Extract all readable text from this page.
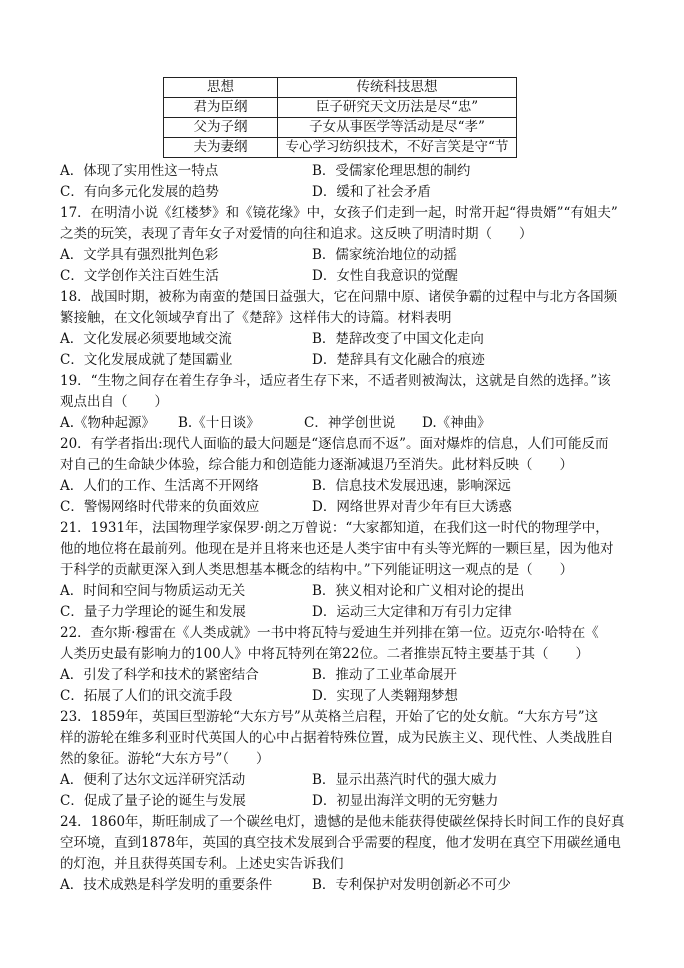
思想	传统科技思想
君为臣纲	臣子研究天文历法是尽“忠”
父为子纲	子女从事医学等活动是尽“孝”
夫为妻纲	专心学习纺织技术，不好言笑是守“节
A．体现了实用性这一特点	B．受儒家伦理思想的制约
C．有向多元化发展的趋势	D．缓和了社会矛盾
17．在明清小说《红楼梦》和《镜花缘》中，女孩子们走到一起，时常开起“得贵婿”“有姐夫”
之类的玩笑，表现了青年女子对爱情的向往和追求。这反映了明清时期（　　）
A．文学具有强烈批判色彩	B．儒家统治地位的动摇
C．文学创作关注百姓生活	D．女性自我意识的觉醒
18．战国时期，被称为南蛮的楚国日益强大，它在问鼎中原、诸侯争霸的过程中与北方各国频
繁接触，在文化领域孕育出了《楚辞》这样伟大的诗篇。材料表明
A．文化发展必须要地域交流	B．楚辞改变了中国文化走向
C．文化发展成就了楚国霸业	D．楚辞具有文化融合的痕迹
19．“生物之间存在着生存争斗，适应者生存下来，不适者则被淘汰，这就是自然的选择。”该
观点出自（　　）
A.《物种起源》 B.《十日谈》	C．神学创世说 D.《神曲》
20．有学者指出:现代人面临的最大问题是“逐信息而不返”。面对爆炸的信息，人们可能反而
对自己的生命缺少体验，综合能力和创造能力逐渐减退乃至消失。此材料反映（　　）
A．人们的工作、生活离不开网络	B．信息技术发展迅速，影响深远
C．警惕网络时代带来的负面效应	D．网络世界对青少年有巨大诱惑
21．1931年，法国物理学家保罗·朗之万曾说：“大家都知道，在我们这一时代的物理学中，
他的地位将在最前列。他现在是并且将来也还是人类宇宙中有头等光辉的一颗巨星，因为他对
于科学的贡献更深入到人类思想基本概念的结构中。”下列能证明这一观点的是（　　）
A．时间和空间与物质运动无关	B．狭义相对论和广义相对论的提出
C．量子力学理论的诞生和发展	D．运动三大定律和万有引力定律
22．查尔斯·穆雷在《人类成就》一书中将瓦特与爱迪生并列排在第一位。迈克尔·哈特在《
人类历史最有影响力的100人》中将瓦特列在第22位。二者推崇瓦特主要基于其（　　）
A．引发了科学和技术的紧密结合	B．推动了工业革命展开
C．拓展了人们的讯交流手段	D．实现了人类翱翔梦想
23．1859年，英国巨型游轮“大东方号”从英格兰启程，开始了它的处女航。“大东方号”这
样的游轮在维多利亚时代英国人的心中占据着特殊位置，成为民族主义、现代性、人类战胜自
然的象征。游轮“大东方号”（　　）
A．便利了达尔文远洋研究活动	B．显示出蒸汽时代的强大威力
C．促成了量子论的诞生与发展	D．初显出海洋文明的无穷魅力
24．1860年，斯旺制成了一个碳丝电灯，遗憾的是他未能获得使碳丝保持长时间工作的良好真
空环境，直到1878年，英国的真空技术发展到合乎需要的程度，他才发明在真空下用碳丝通电
的灯泡，并且获得英国专利。上述史实告诉我们
A．技术成熟是科学发明的重要条件	B．专利保护对发明创新必不可少
